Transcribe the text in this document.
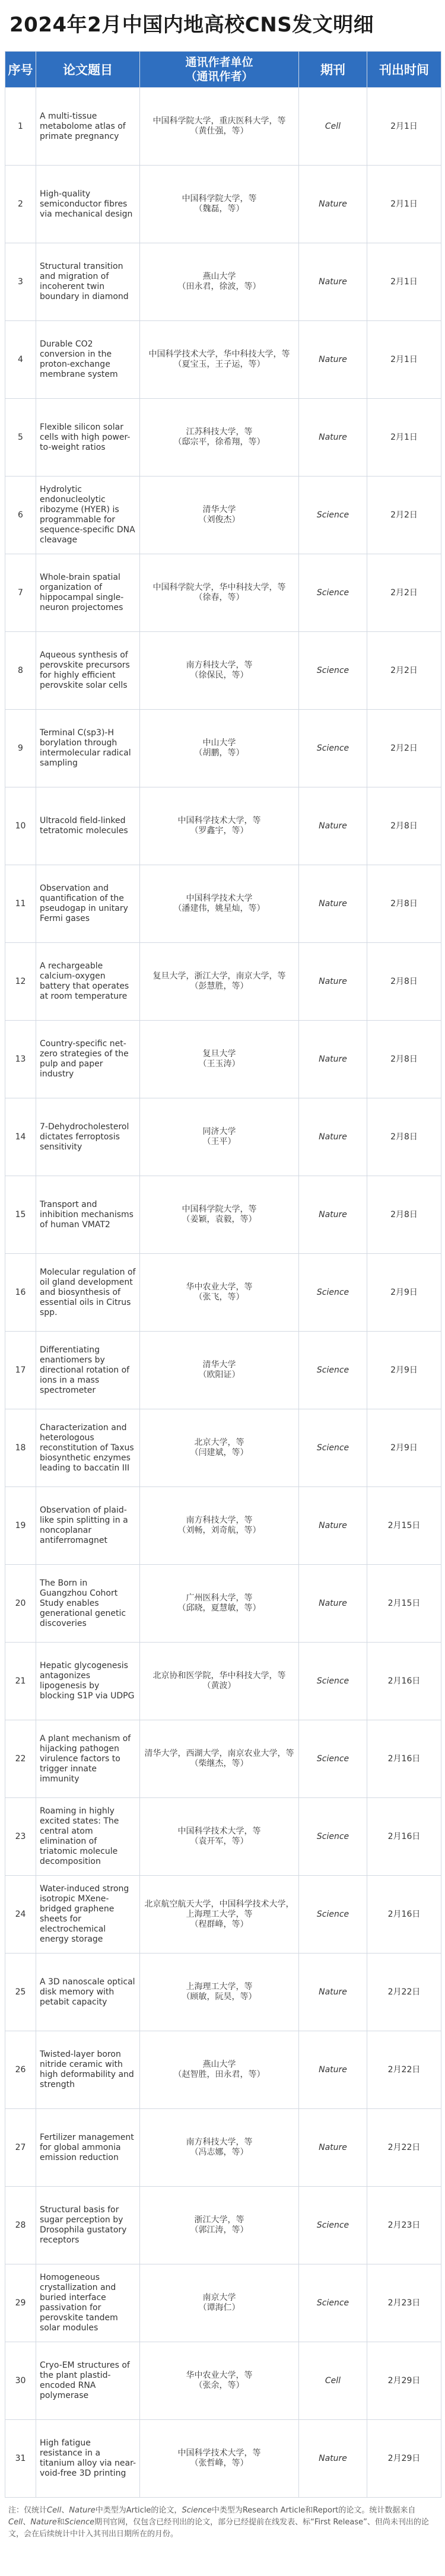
2024年2月中国内地高校CNS发文明细
序号	论文题目	通讯作者单位
（通讯作者）	期刊	刊出时间
1	A multi-tissue metabolome atlas of primate pregnancy	中国科学院大学，重庆医科大学，等
（黄仕强，等）	Cell	2月1日
2	High-quality semiconductor fibres via mechanical design	中国科学院大学，等
（魏磊，等）	Nature	2月1日
3	Structural transition and migration of incoherent twin boundary in diamond	燕山大学
（田永君，徐波，等）	Nature	2月1日
4	Durable CO2 conversion in the proton-exchange membrane system	中国科学技术大学，华中科技大学，等
（夏宝玉，王子运，等）	Nature	2月1日
5	Flexible silicon solar cells with high power-to-weight ratios	江苏科技大学，等
（邸宗平，徐希翔，等）	Nature	2月1日
6	Hydrolytic endonucleolytic ribozyme (HYER) is programmable for sequence-specific DNA cleavage	清华大学
（刘俊杰）	Science	2月2日
7	Whole-brain spatial organization of hippocampal single-neuron projectomes	中国科学院大学，华中科技大学，等
（徐春，等）	Science	2月2日
8	Aqueous synthesis of perovskite precursors for highly efficient perovskite solar cells	南方科技大学，等
（徐保民，等）	Science	2月2日
9	Terminal C(sp3)-H borylation through intermolecular radical sampling	中山大学
（胡鹏，等）	Science	2月2日
10	Ultracold field-linked tetratomic molecules	中国科学技术大学，等
（罗鑫宇，等）	Nature	2月8日
11	Observation and quantification of the pseudogap in unitary Fermi gases	中国科学技术大学
（潘建伟，姚星灿，等）	Nature	2月8日
12	A rechargeable calcium-oxygen battery that operates at room temperature	复旦大学，浙江大学，南京大学，等
（彭慧胜，等）	Nature	2月8日
13	Country-specific net-zero strategies of the pulp and paper industry	复旦大学
（王玉涛）	Nature	2月8日
14	7-Dehydrocholesterol dictates ferroptosis sensitivity	同济大学
（王平）	Nature	2月8日
15	Transport and inhibition mechanisms of human VMAT2	中国科学院大学，等
（姜颖，袁毅，等）	Nature	2月8日
16	Molecular regulation of oil gland development and biosynthesis of essential oils in Citrus spp.	华中农业大学，等
（张飞，等）	Science	2月9日
17	Differentiating enantiomers by directional rotation of ions in a mass spectrometer	清华大学
（欧阳证）	Science	2月9日
18	Characterization and heterologous reconstitution of Taxus biosynthetic enzymes leading to baccatin III	北京大学，等
（闫建斌，等）	Science	2月9日
19	Observation of plaid-like spin splitting in a noncoplanar antiferromagnet	南方科技大学，等
（刘畅，刘奇航，等）	Nature	2月15日
20	The Born in Guangzhou Cohort Study enables generational genetic discoveries	广州医科大学，等
（邱晓，夏慧敏，等）	Nature	2月15日
21	Hepatic glycogenesis antagonizes lipogenesis by blocking S1P via UDPG	北京协和医学院，华中科技大学，等
（黄波）	Science	2月16日
22	A plant mechanism of hijacking pathogen virulence factors to trigger innate immunity	清华大学，西湖大学，南京农业大学，等
（柴继杰，等）	Science	2月16日
23	Roaming in highly excited states: The central atom elimination of triatomic molecule decomposition	中国科学技术大学，等
（袁开军，等）	Science	2月16日
24	Water-induced strong isotropic MXene-bridged graphene sheets for electrochemical energy storage	北京航空航天大学，中国科学技术大学，上海理工大学，等
（程群峰，等）	Science	2月16日
25	A 3D nanoscale optical disk memory with petabit capacity	上海理工大学，等
（顾敏，阮昊，等）	Nature	2月22日
26	Twisted-layer boron nitride ceramic with high deformability and strength	燕山大学
（赵智胜，田永君，等）	Nature	2月22日
27	Fertilizer management for global ammonia emission reduction	南方科技大学，等
（冯志娜，等）	Nature	2月22日
28	Structural basis for sugar perception by Drosophila gustatory receptors	浙江大学，等
（郭江涛，等）	Science	2月23日
29	Homogeneous crystallization and buried interface passivation for perovskite tandem solar modules	南京大学
（谭海仁）	Science	2月23日
30	Cryo-EM structures of the plant plastid-encoded RNA polymerase	华中农业大学，等
（张余，等）	Cell	2月29日
31	High fatigue resistance in a titanium alloy via near-void-free 3D printing	中国科学技术大学，等
（张哲峰，等）	Nature	2月29日
注：仅统计Cell、Nature中类型为Article的论文，Science中类型为Research Article和Report的论文。统计数据来自Cell、Nature和Science期刊官网，仅包含已经刊出的论文，部分已经提前在线发表、标“First Release”、但尚未刊出的论文，会在后续统计中计入其刊出日期所在的月份。
